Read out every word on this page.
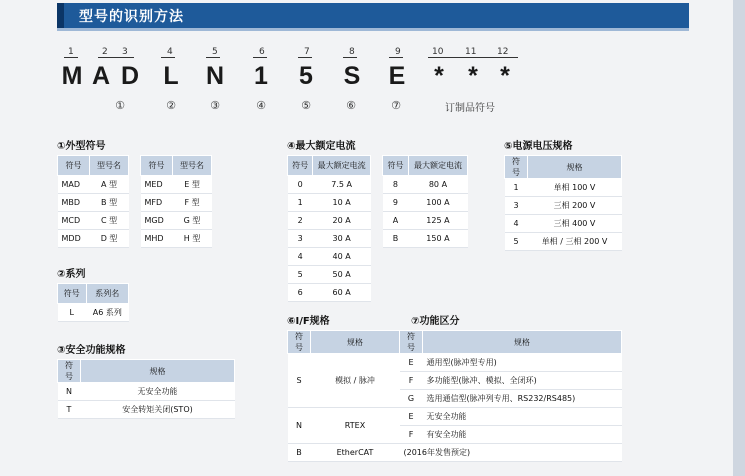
型号的识别方法
1	2 3	4	5	6	7	8	9	10 11 12
M A D L N	1	5	S E	* * *
①	②	③	④	⑤	⑥	⑦	订制品符号
①外型符号
符号	型号名
MAD	A 型
MBD	B 型
MCD	C 型
MDD	D 型
符号	型号名
MED	E 型
MFD	F 型
MGD	G 型
MHD	H 型
②系列
符号	系列名
L	A6 系列
③安全功能规格
符号	规格
N	无安全功能
T	安全转矩关闭(STO)
④最大额定电流
符号	最大额定电流
0	7.5 A
1	10 A
2	20 A
3	30 A
4	40 A
5	50 A
6	60 A
符号	最大额定电流
8	80 A
9	100 A
A	125 A
B	150 A
⑤电源电压规格
符号	规格
1	单相 100 V
3	三相 200 V
4	三相 400 V
5	单相 / 三相 200 V
⑥I/F规格	⑦功能区分
符号	规格	符号	规格
S	模拟 / 脉冲	E	通用型(脉冲型专用)
		F	多功能型(脉冲、模拟、全闭环)
		G	选用通信型(脉冲列专用、RS232/RS485)
N	RTEX	E	无安全功能
		F	有安全功能
B	EtherCAT	(2016年发售预定)	
